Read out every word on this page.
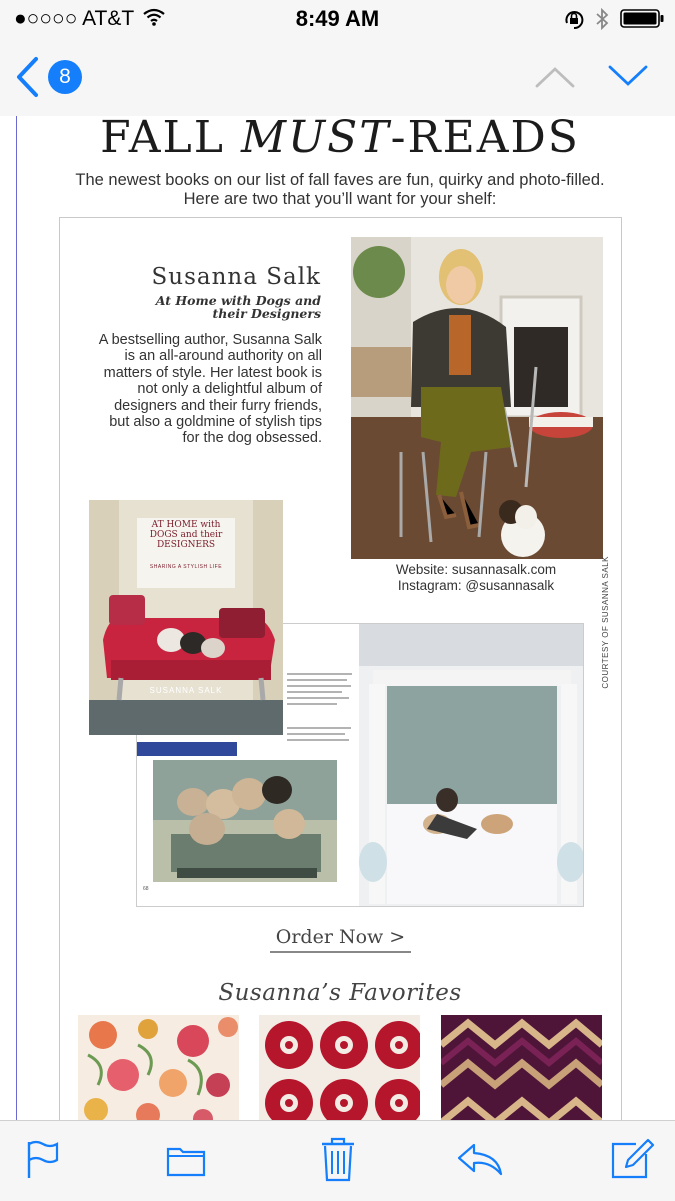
●○○○○ AT&T	8:49 AM
8
FALL MUST-READS
The newest books on our list of fall faves are fun, quirky and photo-filled. Here are two that you’ll want for your shelf:
Susanna Salk
At Home with Dogs and their Designers
A bestselling author, Susanna Salk is an all-around authority on all matters of style. Her latest book is not only a delightful album of designers and their furry friends, but also a goldmine of stylish tips for the dog obsessed.
COURTESY OF SUSANNA SALK
Website: susannasalk.com
Instagram: @susannasalk
68
SUSANNA SALK
AT HOME with DOGS and their DESIGNERS
SHARING A STYLISH LIFE
Order Now >
Susanna’s Favorites
